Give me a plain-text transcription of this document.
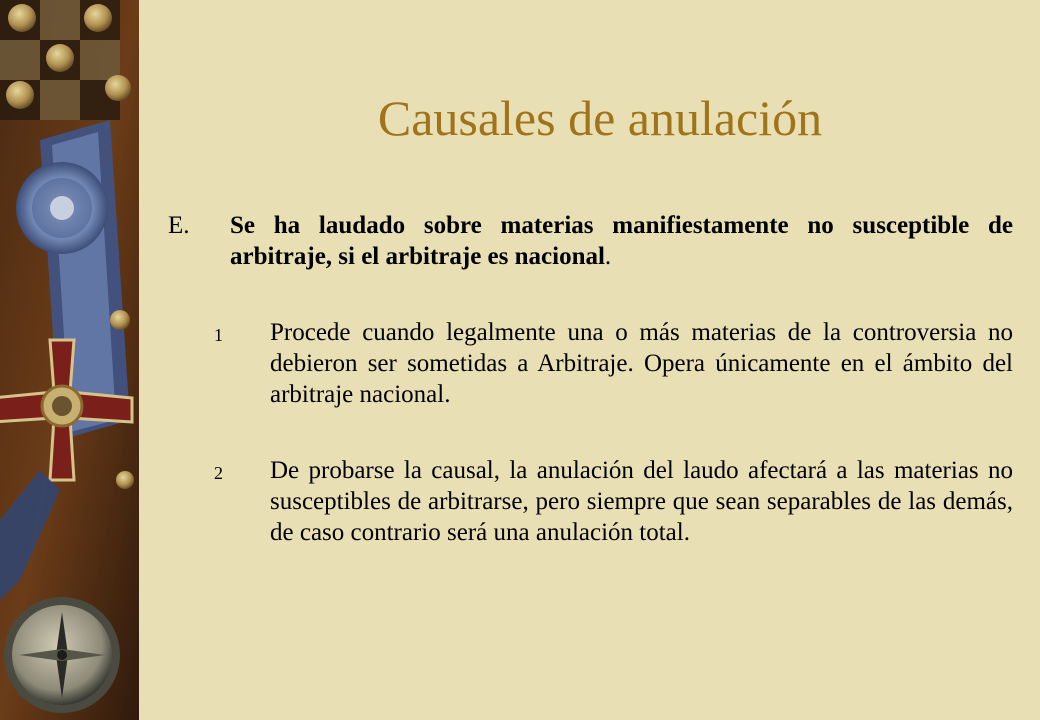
Causales de anulación

E. Se ha laudado sobre materias manifiestamente no susceptible de arbitraje, si el arbitraje es nacional.

1 Procede cuando legalmente una o más materias de la controversia no debieron ser sometidas a Arbitraje. Opera únicamente en el ámbito del arbitraje nacional.

2 De probarse la causal, la anulación del laudo afectará a las materias no susceptibles de arbitrarse, pero siempre que sean separables de las demás, de caso contrario será una anulación total.
